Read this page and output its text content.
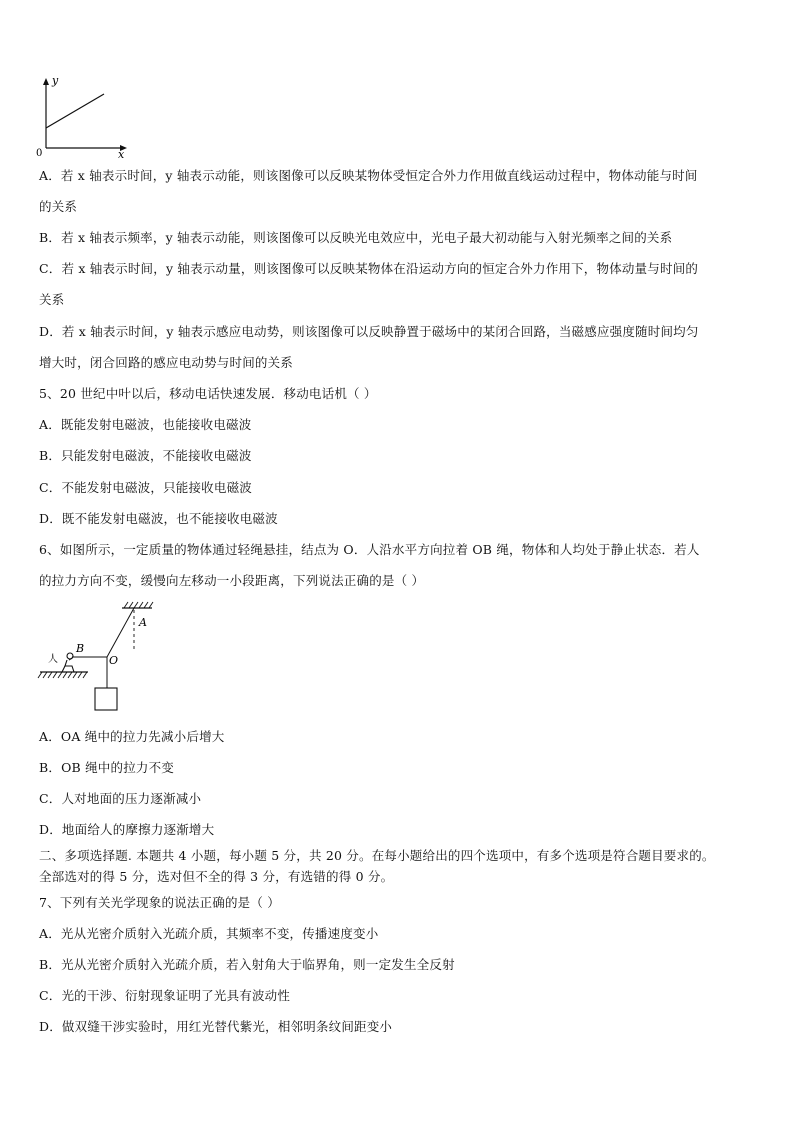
0
y
x
A．若 x 轴表示时间，y 轴表示动能，则该图像可以反映某物体受恒定合外力作用做直线运动过程中，物体动能与时间
的关系
B．若 x 轴表示频率，y 轴表示动能，则该图像可以反映光电效应中，光电子最大初动能与入射光频率之间的关系
C．若 x 轴表示时间，y 轴表示动量，则该图像可以反映某物体在沿运动方向的恒定合外力作用下，物体动量与时间的
关系
D．若 x 轴表示时间，y 轴表示感应电动势，则该图像可以反映静置于磁场中的某闭合回路，当磁感应强度随时间均匀
增大时，闭合回路的感应电动势与时间的关系
5、20 世纪中叶以后，移动电话快速发展．移动电话机（ ）
A．既能发射电磁波，也能接收电磁波
B．只能发射电磁波，不能接收电磁波
C．不能发射电磁波，只能接收电磁波
D．既不能发射电磁波，也不能接收电磁波
6、如图所示，一定质量的物体通过轻绳悬挂，结点为 O．人沿水平方向拉着 OB 绳，物体和人均处于静止状态．若人
的拉力方向不变，缓慢向左移动一小段距离，下列说法正确的是（ ）
A
B
O
人
A．OA 绳中的拉力先减小后增大
B．OB 绳中的拉力不变
C．人对地面的压力逐渐减小
D．地面给人的摩擦力逐渐增大
二、多项选择题. 本题共 4 小题，每小题 5 分，共 20 分。在每小题给出的四个选项中，有多个选项是符合题目要求的。
全部选对的得 5 分，选对但不全的得 3 分，有选错的得 0 分。
7、下列有关光学现象的说法正确的是（ ）
A．光从光密介质射入光疏介质，其频率不变，传播速度变小
B．光从光密介质射入光疏介质，若入射角大于临界角，则一定发生全反射
C．光的干涉、衍射现象证明了光具有波动性
D．做双缝干涉实验时，用红光替代紫光，相邻明条纹间距变小
